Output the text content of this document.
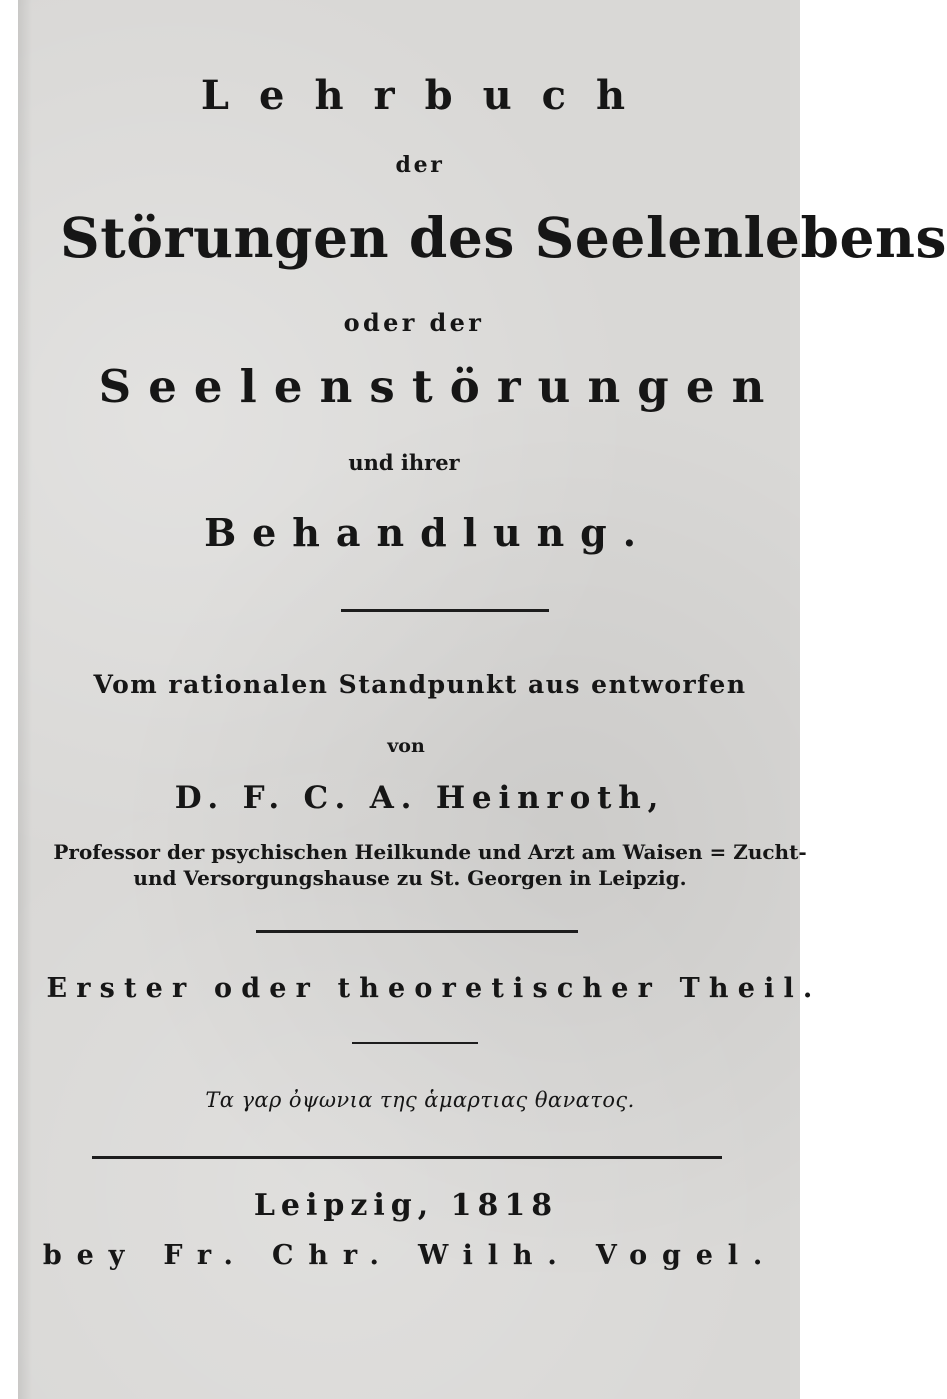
Lehrbuch
der
Störungen des Seelenlebens
oder der
Seelenstörungen
und ihrer
Behandlung.
Vom rationalen Standpunkt aus entworfen
von
D. F. C. A. Heinroth,
Professor der psychischen Heilkunde und Arzt am Waisen = Zucht-
und Versorgungshause zu St. Georgen in Leipzig.
Erster oder theoretischer Theil.
Τα γαρ ὀψωνια της ἁμαρτιας θανατος.
Leipzig, 1818
bey Fr. Chr. Wilh. Vogel.
